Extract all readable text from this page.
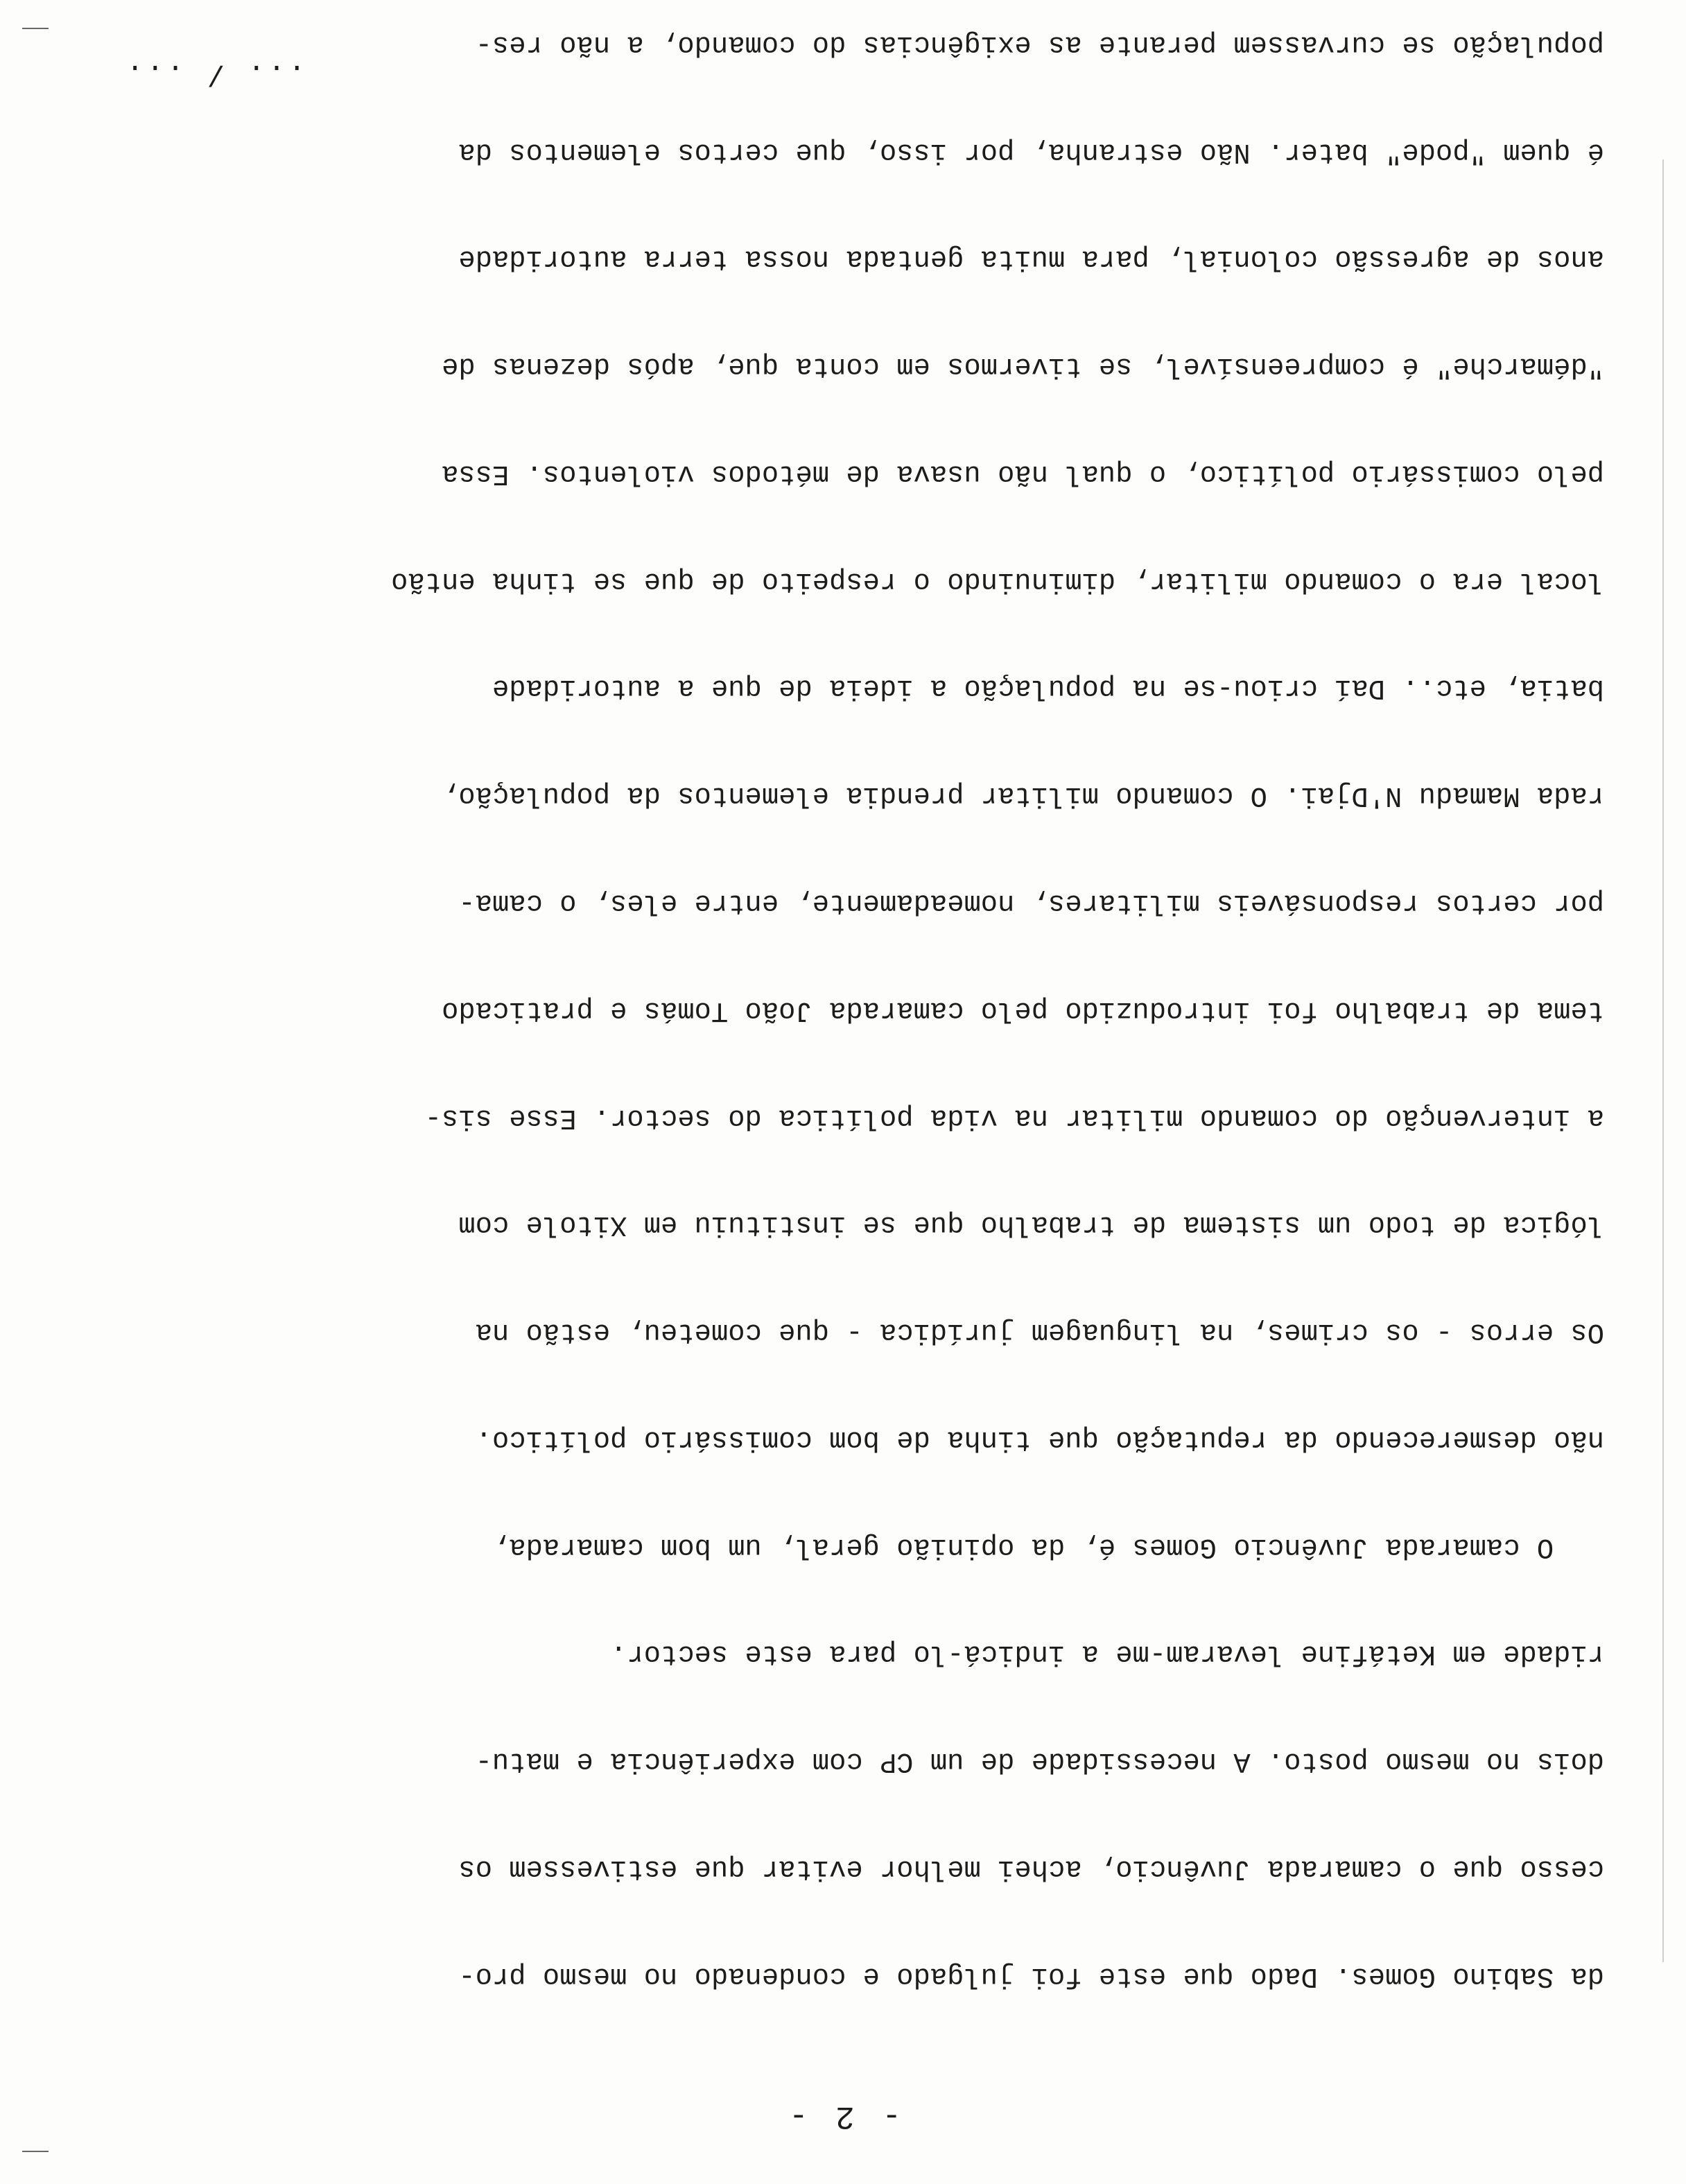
- 2 -

da Sabino Gomes. Dado que este foi julgado e condenado no mesmo pro-

cesso que o camarada Juvêncio, achei melhor evitar que estivessem os

dois no mesmo posto. A necessidade de um CP com experiência e matu-

ridade em Ketáfine levaram-me a indicá-lo para este sector.

O camarada Juvêncio Gomes é, da opinião geral, um bom camarada,

não desmerecendo da reputação que tinha de bom comissário político.

Os erros - os crimes, na linguagem jurídica - que cometeu, estão na

lógica de todo um sistema de trabalho que se instituiu em Xitole com

a intervenção do comando militar na vida política do sector. Esse sis-

tema de trabalho foi introduzido pelo camarada João Tomás e praticado

por certos responsáveis militares, nomeadamente, entre eles, o cama-

rada Mamadu N'Djai. O comando militar prendia elementos da população,

batia, etc.. Daí criou-se na população a ideia de que a autoridade

local era o comando militar, diminuindo o respeito de que se tinha então

pelo comissário político, o qual não usava de métodos violentos. Essa

"démarche" é compreensível, se tivermos em conta que, após dezenas de

anos de agressão colonial, para muita gentada nossa terra autoridade

é quem "pode" bater. Não estranha, por isso, que certos elementos da

população se curvassem perante as exigências do comando, a não res-

... / ...
